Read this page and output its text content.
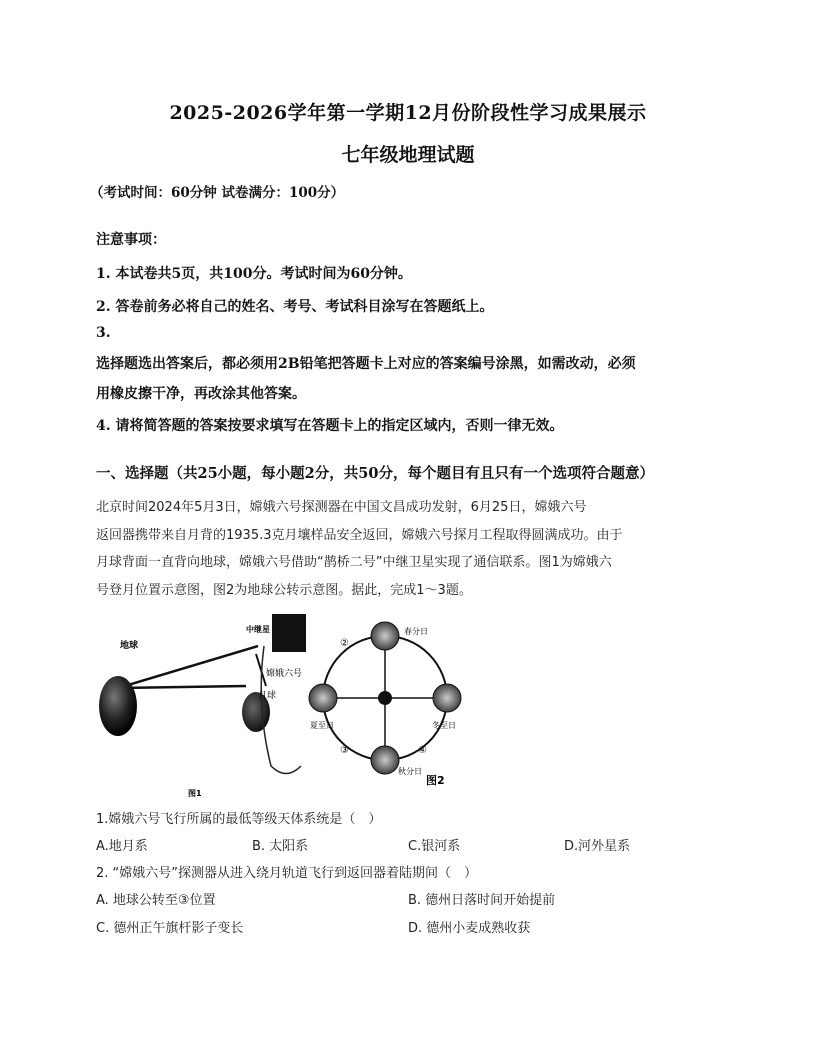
2025-2026学年第一学期12月份阶段性学习成果展示
七年级地理试题
（考试时间：60分钟 试卷满分：100分）
注意事项：
1. 本试卷共5页，共100分。考试时间为60分钟。
2. 答卷前务必将自己的姓名、考号、考试科目涂写在答题纸上。
3.
选择题选出答案后，都必须用2B铅笔把答题卡上对应的答案编号涂黑，如需改动，必须
用橡皮擦干净，再改涂其他答案。
4. 请将简答题的答案按要求填写在答题卡上的指定区域内，否则一律无效。
一、选择题（共25小题，每小题2分，共50分，每个题目有且只有一个选项符合题意）
北京时间2024年5月3日，嫦娥六号探测器在中国文昌成功发射，6月25日，嫦娥六号
返回器携带来自月背的1935.3克月壤样品安全返回，嫦娥六号探月工程取得圆满成功。由于
月球背面一直背向地球，嫦娥六号借助“鹊桥二号”中继卫星实现了通信联系。图1为嫦娥六
号登月位置示意图，图2为地球公转示意图。据此，完成1～3题。
地球
中继星
嫦娥六号
月球
图1
春分日
夏至日	冬至日
秋分日
②
③	④
图2
1.嫦娥六号飞行所属的最低等级天体系统是（　）
A.地月系	B. 太阳系	C.银河系	D.河外星系
2. “嫦娥六号”探测器从进入绕月轨道飞行到返回器着陆期间（　）
A. 地球公转至③位置	B. 德州日落时间开始提前
C. 德州正午旗杆影子变长	D. 德州小麦成熟收获
